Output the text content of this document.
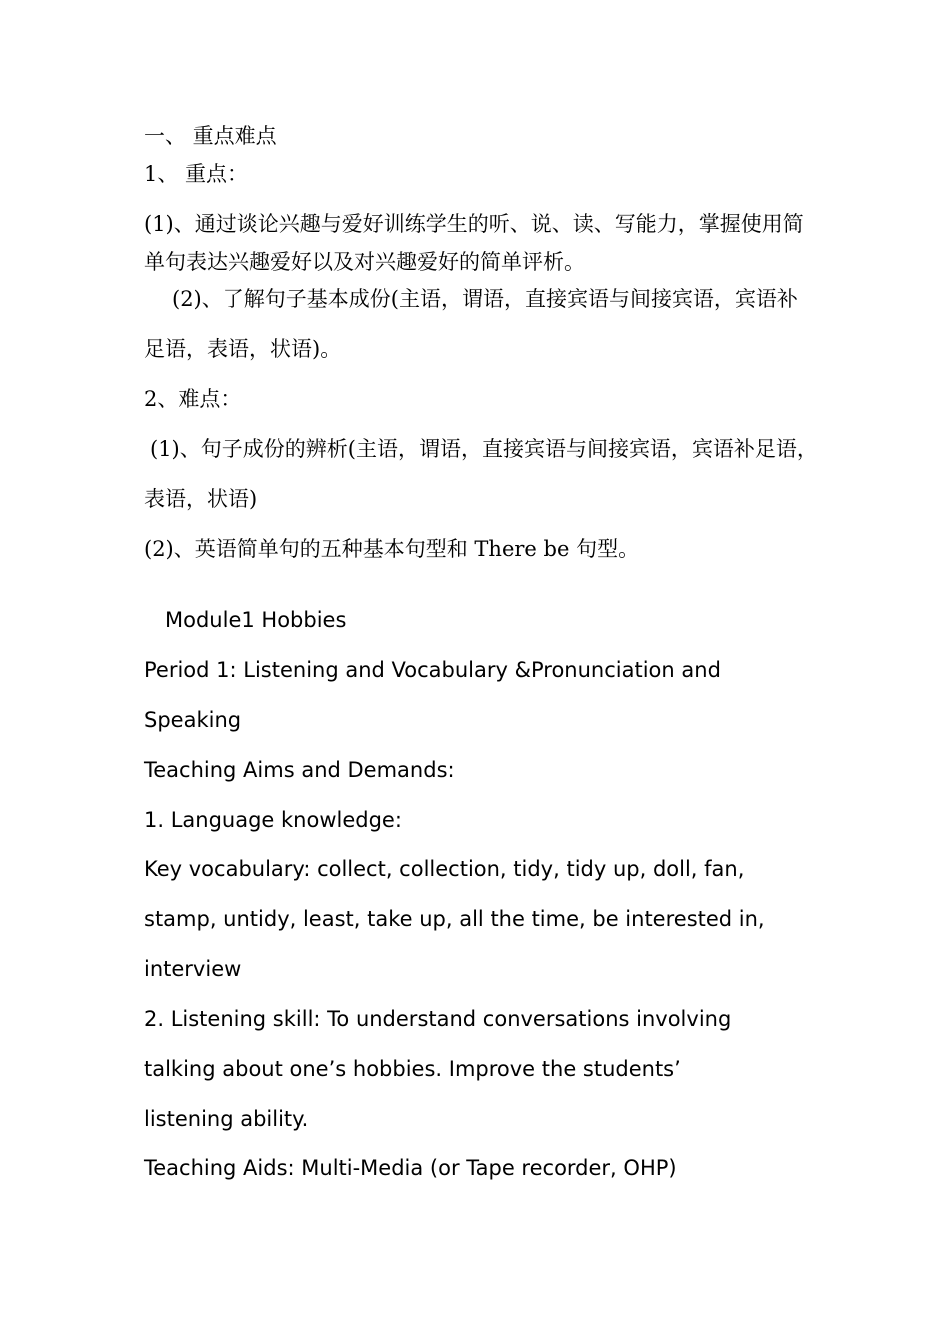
一、 重点难点
1、 重点：
(1)、通过谈论兴趣与爱好训练学生的听、说、读、写能力，掌握使用简
单句表达兴趣爱好以及对兴趣爱好的简单评析。
(2)、了解句子基本成份(主语，谓语，直接宾语与间接宾语，宾语补
足语，表语，状语)。
2、难点：
(1)、句子成份的辨析(主语，谓语，直接宾语与间接宾语，宾语补足语，
表语，状语)
(2)、英语简单句的五种基本句型和 There be 句型。
Module1 Hobbies
Period 1: Listening and Vocabulary &Pronunciation and
Speaking
Teaching Aims and Demands:
1. Language knowledge:
Key vocabulary: collect, collection, tidy, tidy up, doll, fan,
stamp, untidy, least, take up, all the time, be interested in,
interview
2. Listening skill: To understand conversations involving
talking about one’s hobbies. Improve the students’
listening ability.
Teaching Aids: Multi-Media (or Tape recorder, OHP)
